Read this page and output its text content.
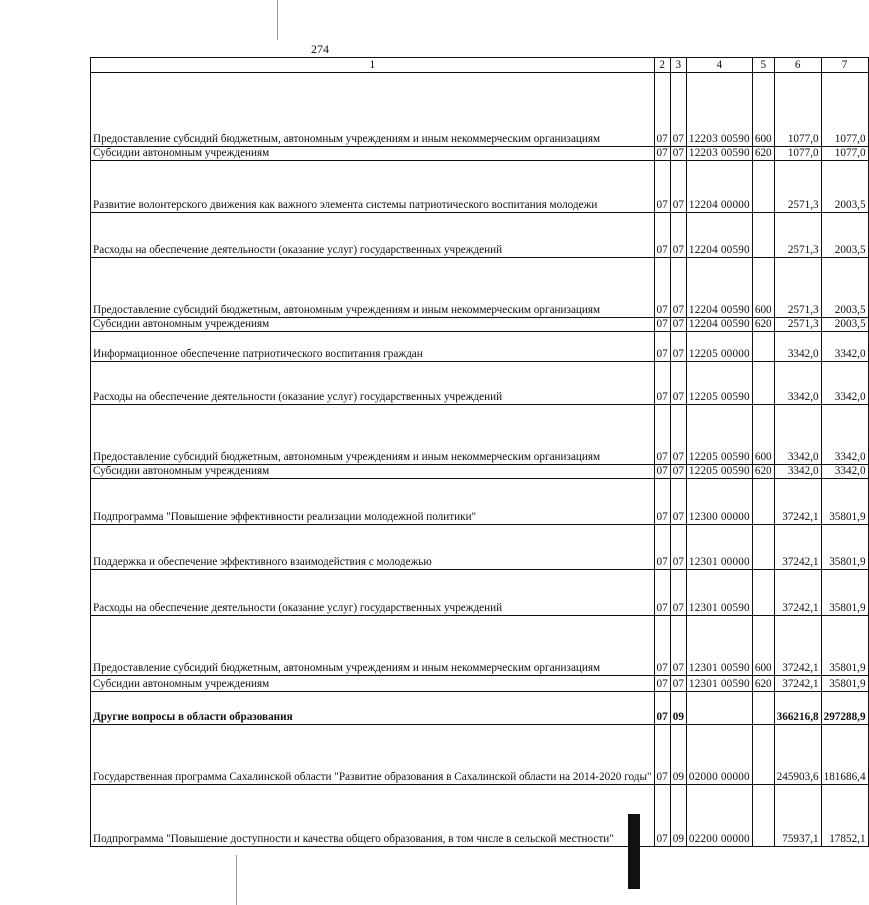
274
1	2	3	4	5	6	7
Предоставление субсидий бюджетным, автономным учреждениям и иным некоммерческим организациям	07	07	12203 00590	600	1077,0	1077,0
Субсидии автономным учреждениям	07	07	12203 00590	620	1077,0	1077,0
Развитие волонтерского движения как важного элемента системы патриотического воспитания молодежи	07	07	12204 00000		2571,3	2003,5
Расходы на обеспечение деятельности (оказание услуг) государственных учреждений	07	07	12204 00590		2571,3	2003,5
Предоставление субсидий бюджетным, автономным учреждениям и иным некоммерческим организациям	07	07	12204 00590	600	2571,3	2003,5
Субсидии автономным учреждениям	07	07	12204 00590	620	2571,3	2003,5
Информационное обеспечение патриотического воспитания граждан	07	07	12205 00000		3342,0	3342,0
Расходы на обеспечение деятельности (оказание услуг) государственных учреждений	07	07	12205 00590		3342,0	3342,0
Предоставление субсидий бюджетным, автономным учреждениям и иным некоммерческим организациям	07	07	12205 00590	600	3342,0	3342,0
Субсидии автономным учреждениям	07	07	12205 00590	620	3342,0	3342,0
Подпрограмма "Повышение эффективности реализации молодежной политики"	07	07	12300 00000		37242,1	35801,9
Поддержка и обеспечение эффективного взаимодействия с молодежью	07	07	12301 00000		37242,1	35801,9
Расходы на обеспечение деятельности (оказание услуг) государственных учреждений	07	07	12301 00590		37242,1	35801,9
Предоставление субсидий бюджетным, автономным учреждениям и иным некоммерческим организациям	07	07	12301 00590	600	37242,1	35801,9
Субсидии автономным учреждениям	07	07	12301 00590	620	37242,1	35801,9
Другие вопросы в области образования	07	09			366216,8	297288,9
Государственная программа Сахалинской области "Развитие образования в Сахалинской области на 2014-2020 годы"	07	09	02000 00000		245903,6	181686,4
Подпрограмма "Повышение доступности и качества общего образования, в том числе в сельской местности"	07	09	02200 00000		75937,1	17852,1
